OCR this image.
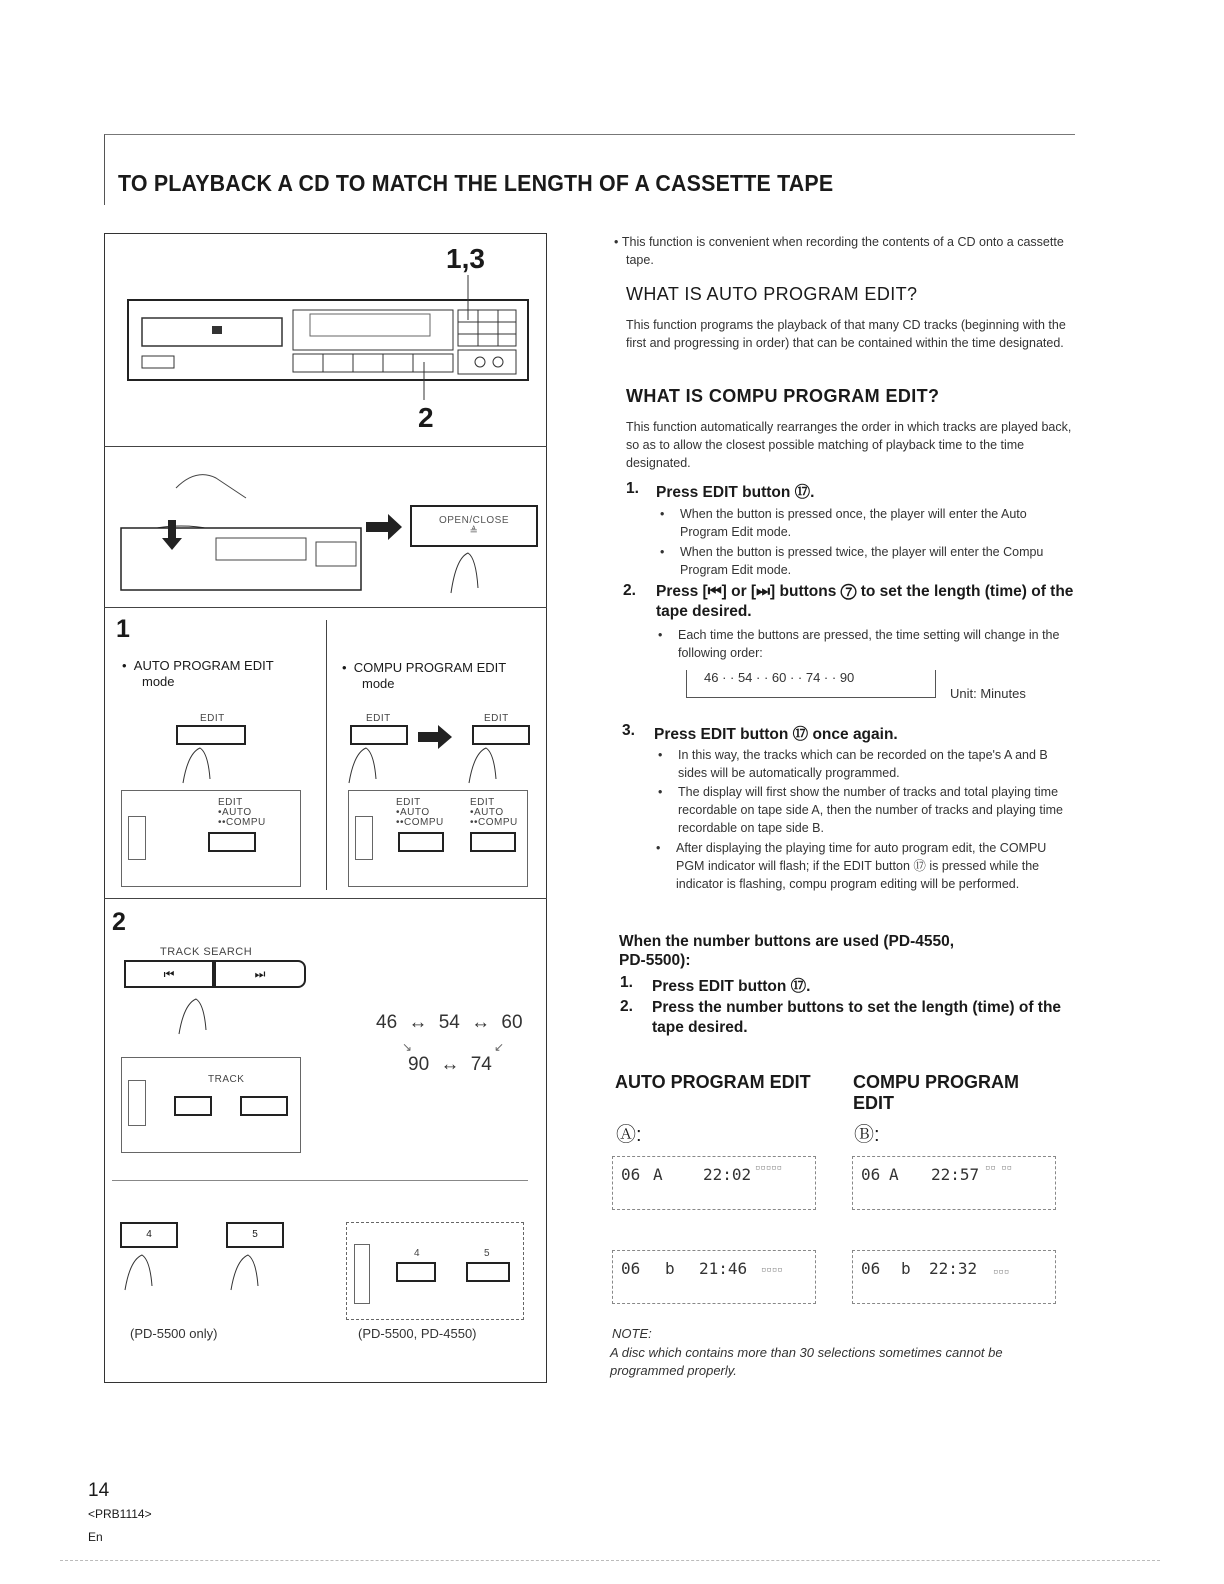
TO PLAYBACK A CD TO MATCH THE LENGTH OF A CASSETTE TAPE
1,3
2
OPEN/CLOSE
≜
1
•  AUTO PROGRAM EDIT
mode
•  COMPU PROGRAM EDIT
mode
EDIT	EDIT	EDIT
EDIT
•AUTO
••COMPU
EDIT
•AUTO
••COMPU
EDIT
•AUTO
••COMPU
2
TRACK SEARCH
⏮	⏭
46 ↔ 54 ↔ 60
↘	↙
90 ↔ 74
TRACK
4	5
4	5
(PD-5500 only)	(PD-5500, PD-4550)
• This function is convenient when recording the contents of a CD onto a cassette tape.
WHAT IS AUTO PROGRAM EDIT?
This function programs the playback of that many CD tracks (beginning with the first and progressing in order) that can be contained within the time designated.
WHAT IS COMPU PROGRAM EDIT?
This function automatically rearranges the order in which tracks are played back, so as to allow the closest possible matching of playback time to the time designated.
1. Press EDIT button ⑰.
• When the button is pressed once, the player will enter the Auto Program Edit mode.
• When the button is pressed twice, the player will enter the Compu Program Edit mode.
2. Press [⏮] or [⏭] buttons ⑦ to set the length (time) of the tape desired.
• Each time the buttons are pressed, the time setting will change in the following order:
46 · · 54 · · 60 · · 74 · · 90
Unit: Minutes
3. Press EDIT button ⑰ once again.
• In this way, the tracks which can be recorded on the tape's A and B sides will be automatically programmed.
• The display will first show the number of tracks and total playing time recordable on tape side A, then the number of tracks and playing time recordable on tape side B.
• After displaying the playing time for auto program edit, the COMPU PGM indicator will flash; if the EDIT button ⑰ is pressed while the indicator is flashing, compu program editing will be performed.
When the number buttons are used (PD-4550, PD-5500):
1. Press EDIT button ⑰.
2. Press the number buttons to set the length (time) of the tape desired.
AUTO PROGRAM EDIT
Ⓐ:
COMPU PROGRAM EDIT
Ⓑ:
06 A	22:02 ▫▫▫▫▫	06 A 22:57 ▫▫ ▫▫
06 b 21:46 ▫▫▫▫	06 b 22:32 ▫▫▫
NOTE:
A disc which contains more than 30 selections sometimes cannot be programmed properly.
14
<PRB1114>
En
